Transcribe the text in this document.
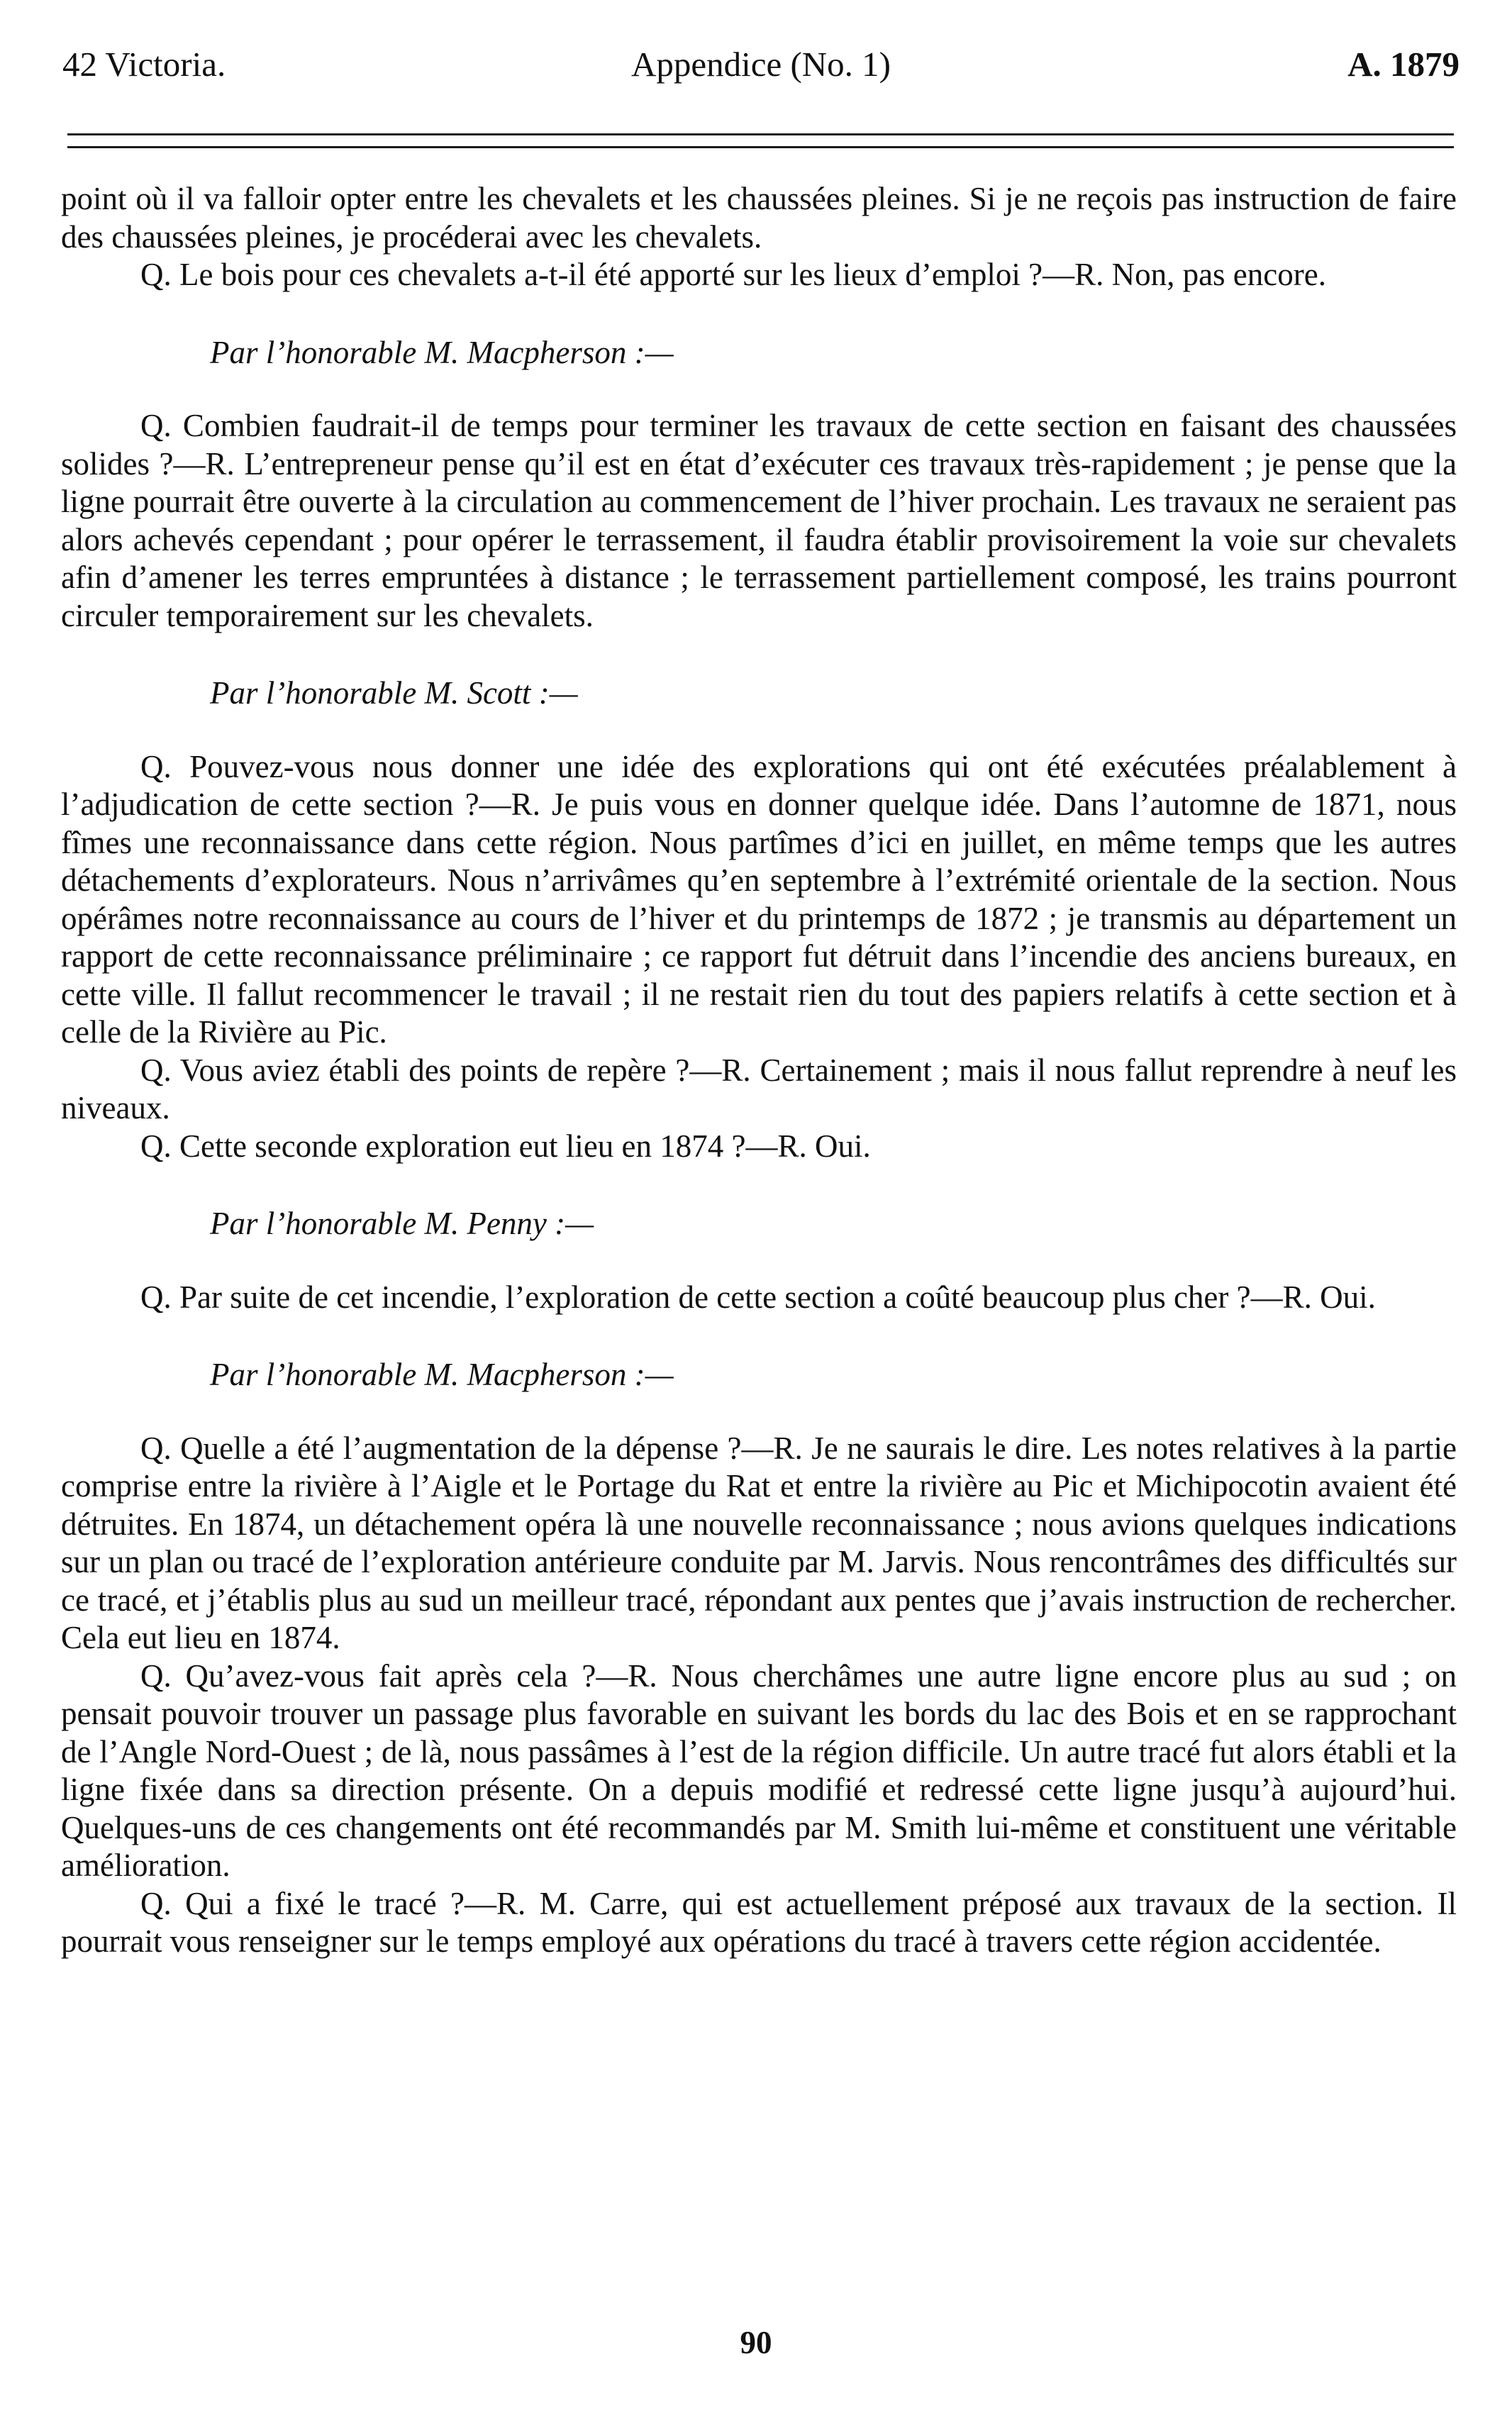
42 Victoria.	Appendice (No. 1)	A. 1879

point où il va falloir opter entre les chevalets et les chaussées pleines. Si je ne reçois pas instruction de faire des chaussées pleines, je procéderai avec les chevalets.

Q. Le bois pour ces chevalets a-t-il été apporté sur les lieux d’emploi ?—R. Non, pas encore.

Par l’honorable M. Macpherson :—

Q. Combien faudrait-il de temps pour terminer les travaux de cette section en faisant des chaussées solides ?—R. L’entrepreneur pense qu’il est en état d’exécuter ces travaux très-rapidement ; je pense que la ligne pourrait être ouverte à la circulation au commencement de l’hiver prochain. Les travaux ne seraient pas alors achevés cependant ; pour opérer le terrassement, il faudra établir provisoirement la voie sur chevalets afin d’amener les terres empruntées à distance ; le terrassement partiellement composé, les trains pourront circuler temporairement sur les chevalets.

Par l’honorable M. Scott :—

Q. Pouvez-vous nous donner une idée des explorations qui ont été exécutées préalablement à l’adjudication de cette section ?—R. Je puis vous en donner quelque idée. Dans l’automne de 1871, nous fîmes une reconnaissance dans cette région. Nous partîmes d’ici en juillet, en même temps que les autres détachements d’explorateurs. Nous n’arrivâmes qu’en septembre à l’extrémité orientale de la section. Nous opérâmes notre reconnaissance au cours de l’hiver et du printemps de 1872 ; je transmis au département un rapport de cette reconnaissance préliminaire ; ce rapport fut détruit dans l’incendie des anciens bureaux, en cette ville. Il fallut recommencer le travail ; il ne restait rien du tout des papiers relatifs à cette section et à celle de la Rivière au Pic.

Q. Vous aviez établi des points de repère ?—R. Certainement ; mais il nous fallut reprendre à neuf les niveaux.

Q. Cette seconde exploration eut lieu en 1874 ?—R. Oui.

Par l’honorable M. Penny :—

Q. Par suite de cet incendie, l’exploration de cette section a coûté beaucoup plus cher ?—R. Oui.

Par l’honorable M. Macpherson :—

Q. Quelle a été l’augmentation de la dépense ?—R. Je ne saurais le dire. Les notes relatives à la partie comprise entre la rivière à l’Aigle et le Portage du Rat et entre la rivière au Pic et Michipocotin avaient été détruites. En 1874, un détachement opéra là une nouvelle reconnaissance ; nous avions quelques indications sur un plan ou tracé de l’exploration antérieure conduite par M. Jarvis. Nous rencontrâmes des difficultés sur ce tracé, et j’établis plus au sud un meilleur tracé, répondant aux pentes que j’avais instruction de rechercher. Cela eut lieu en 1874.

Q. Qu’avez-vous fait après cela ?—R. Nous cherchâmes une autre ligne encore plus au sud ; on pensait pouvoir trouver un passage plus favorable en suivant les bords du lac des Bois et en se rapprochant de l’Angle Nord-Ouest ; de là, nous passâmes à l’est de la région difficile. Un autre tracé fut alors établi et la ligne fixée dans sa direction présente. On a depuis modifié et redressé cette ligne jusqu’à aujourd’hui. Quelques-uns de ces changements ont été recommandés par M. Smith lui-même et constituent une véritable amélioration.

Q. Qui a fixé le tracé ?—R. M. Carre, qui est actuellement préposé aux travaux de la section. Il pourrait vous renseigner sur le temps employé aux opérations du tracé à travers cette région accidentée.

90
